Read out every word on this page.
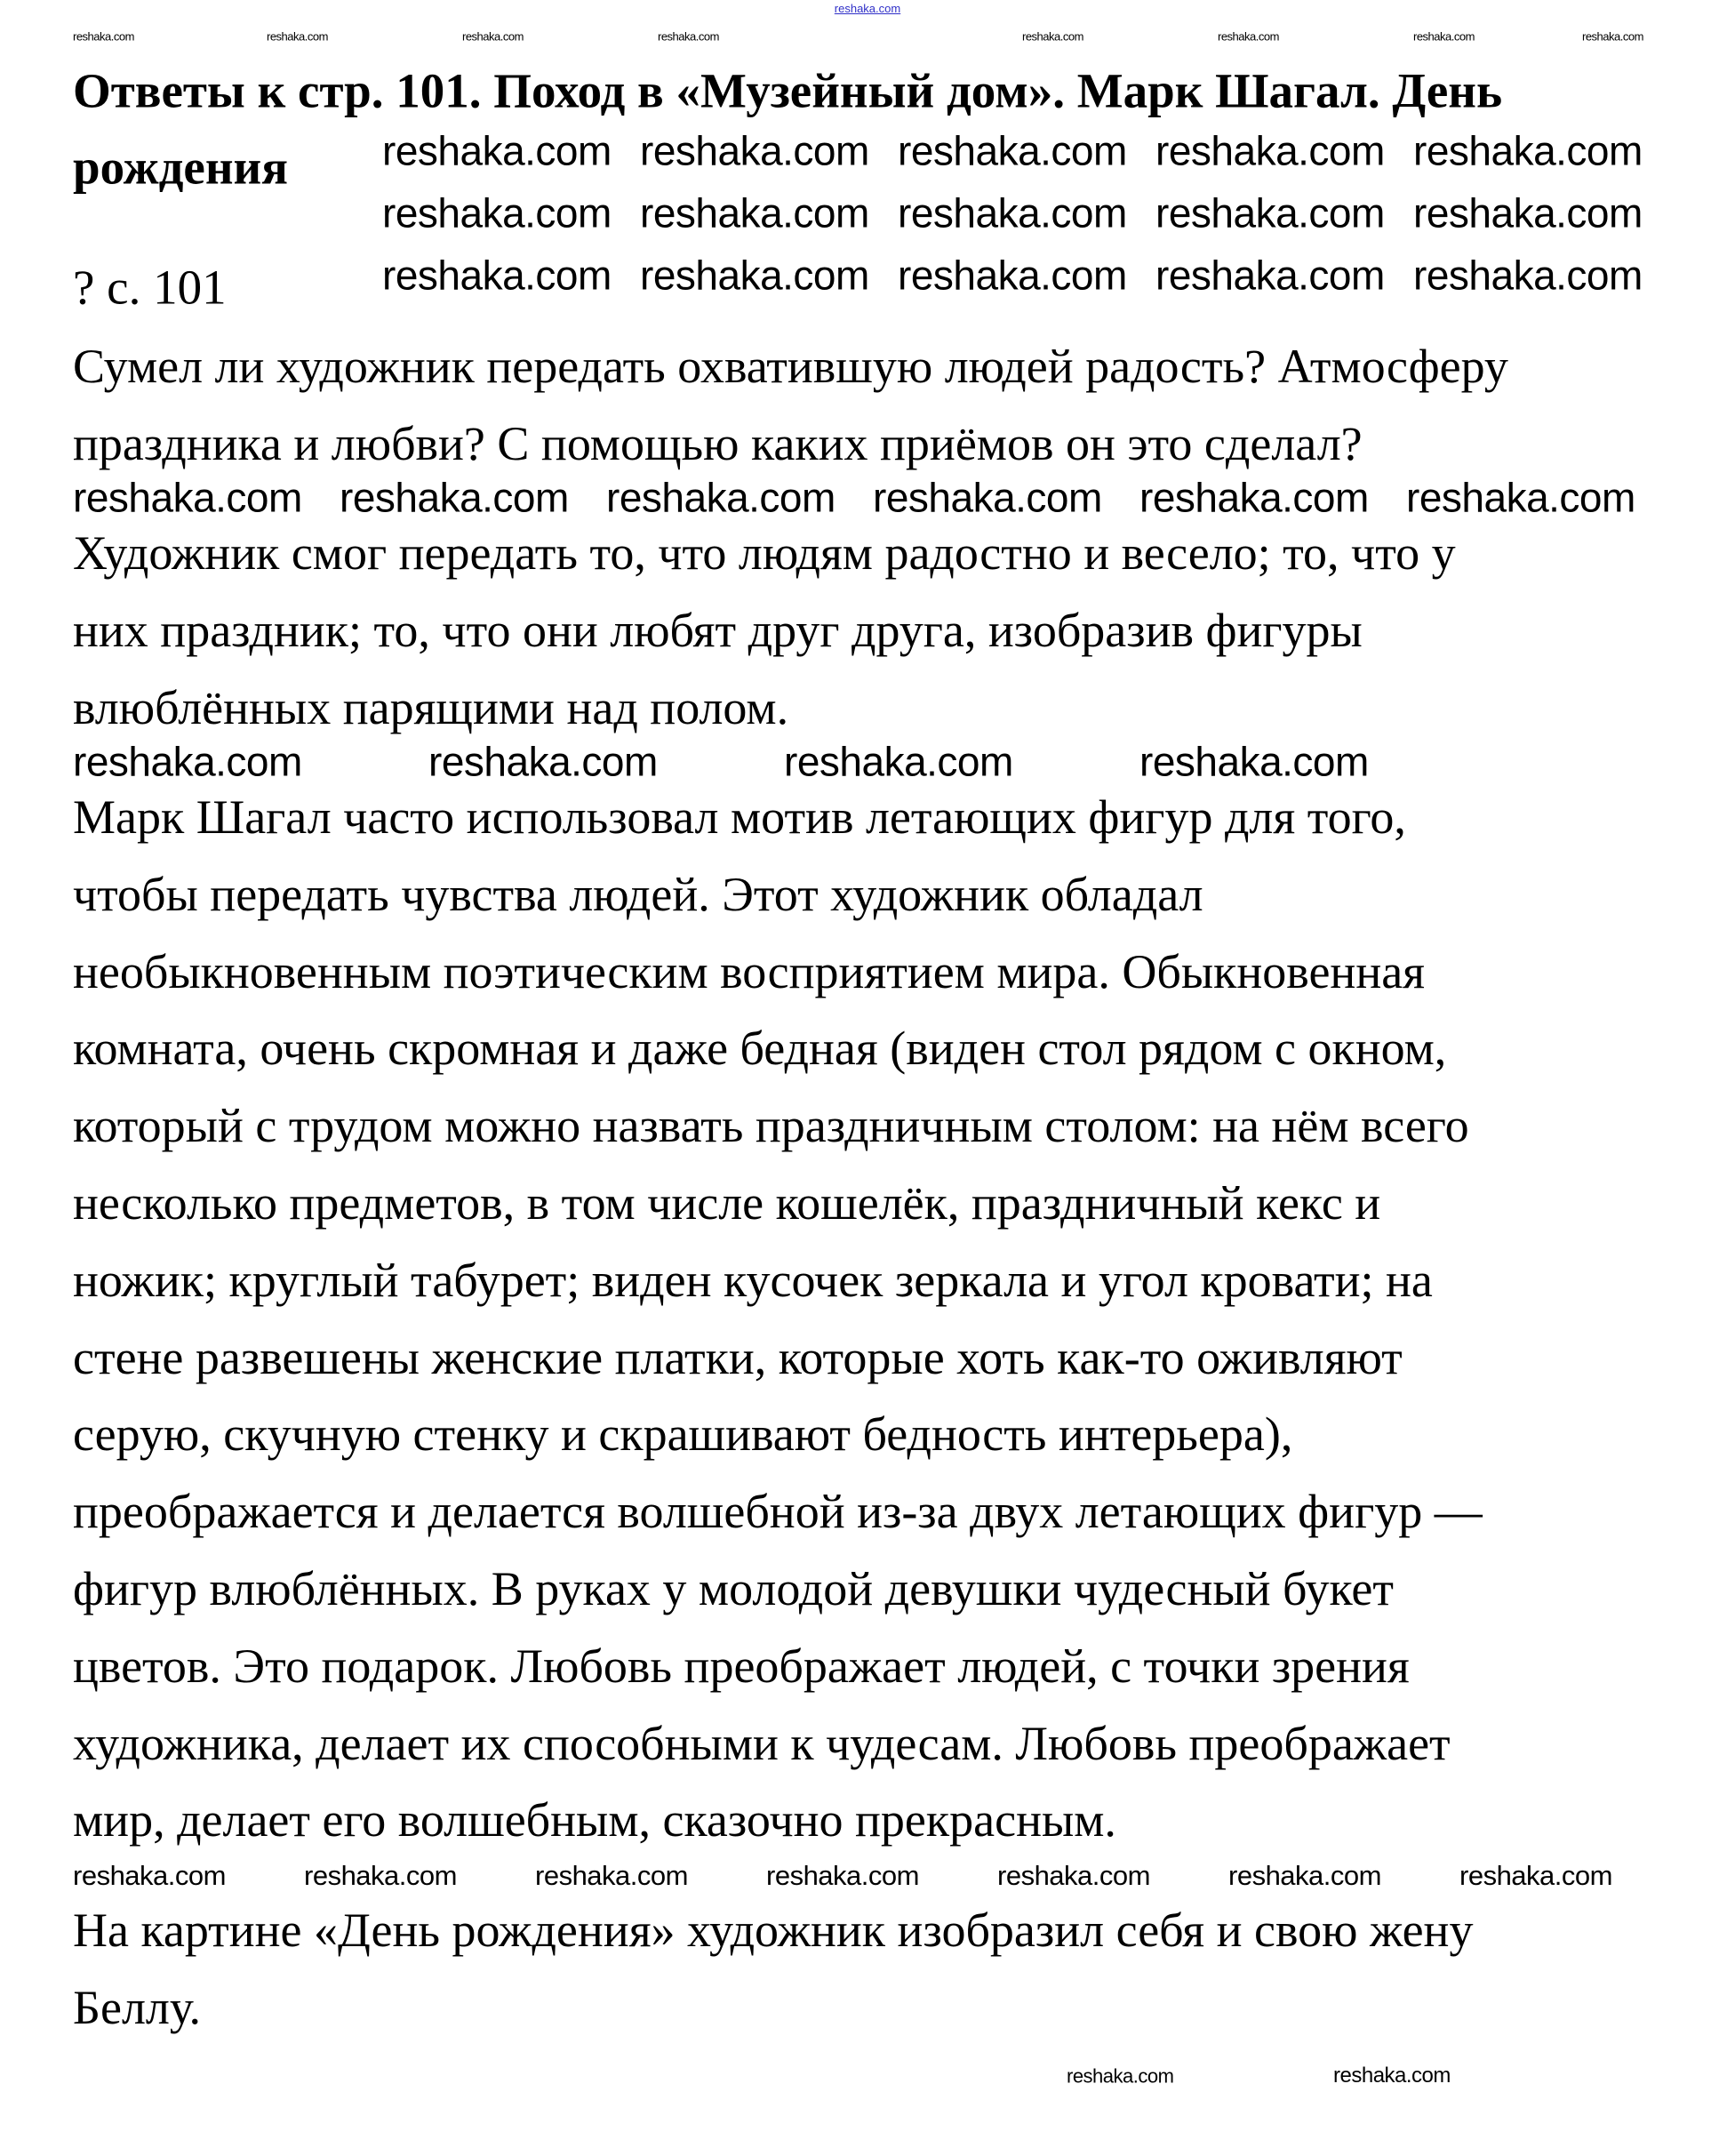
reshaka.com
Ответы к стр. 101. Поход в «Музейный дом». Марк Шагал. День
рождения
? с. 101
Сумел ли художник передать охватившую людей радость? Атмосферу
праздника и любви? С помощью каких приёмов он это сделал?
Художник смог передать то, что людям радостно и весело; то, что у
них праздник; то, что они любят друг друга, изобразив фигуры
влюблённых парящими над полом.
Марк Шагал часто использовал мотив летающих фигур для того,
чтобы передать чувства людей. Этот художник обладал
необыкновенным поэтическим восприятием мира. Обыкновенная
комната, очень скромная и даже бедная (виден стол рядом с окном,
который с трудом можно назвать праздничным столом: на нём всего
несколько предметов, в том числе кошелёк, праздничный кекс и
ножик; круглый табурет; виден кусочек зеркала и угол кровати; на
стене развешены женские платки, которые хоть как-то оживляют
серую, скучную стенку и скрашивают бедность интерьера),
преображается и делается волшебной из-за двух летающих фигур —
фигур влюблённых. В руках у молодой девушки чудесный букет
цветов. Это подарок. Любовь преображает людей, с точки зрения
художника, делает их способными к чудесам. Любовь преображает
мир, делает его волшебным, сказочно прекрасным.
На картине «День рождения» художник изобразил себя и свою жену
Беллу.
reshaka.com reshaka.com reshaka.com reshaka.com reshaka.com
reshaka.com reshaka.com reshaka.com reshaka.com reshaka.com
reshaka.com reshaka.com reshaka.com reshaka.com reshaka.com
reshaka.com reshaka.com reshaka.com reshaka.com reshaka.com reshaka.com
reshaka.com	reshaka.com	reshaka.com	reshaka.com
reshaka.com	reshaka.com	reshaka.com	reshaka.com	reshaka.com	reshaka.com	reshaka.com
reshaka.com	reshaka.com
reshaka.com	reshaka.com	reshaka.com	reshaka.com	reshaka.com	reshaka.com	reshaka.com	reshaka.com
